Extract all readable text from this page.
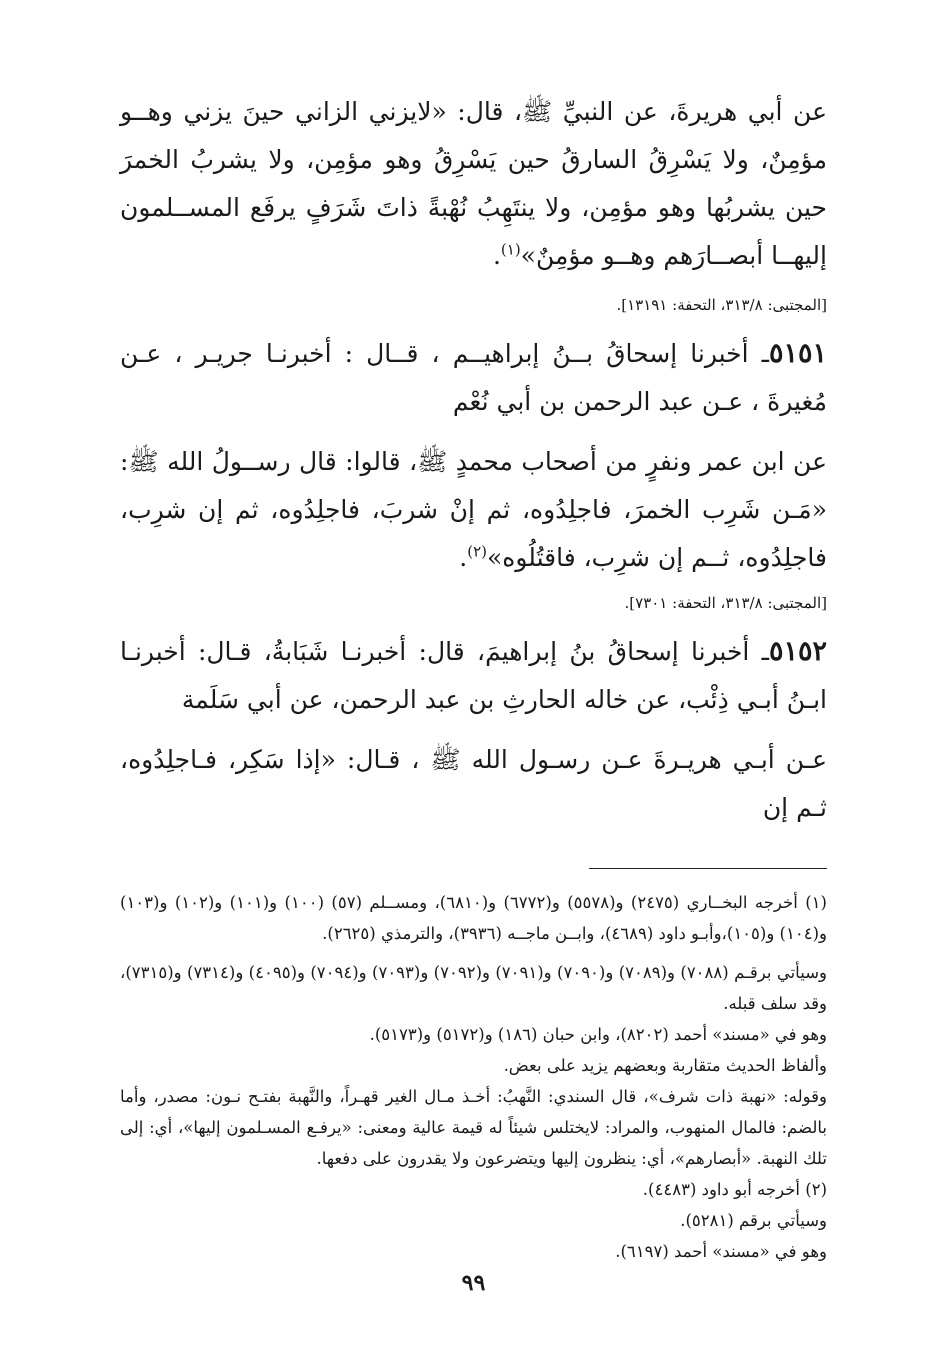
عن أبي هريرةَ، عن النبيِّ ﷺ، قال: «لايزني الزاني حينَ يزني وهــو مؤمِنٌ، ولا يَسْرِقُ السارقُ حين يَسْرِقُ وهو مؤمِن، ولا يشربُ الخمرَ حين يشربُها وهو مؤمِن، ولا ينتَهِبُ نُهْبةً ذاتَ شَرَفٍ يرفَع المســلمون إليهــا أبصــارَهم وهــو مؤمِنٌ»$^{(١)}$.

[المجتبى: ٣١٣/٨، التحفة: ١٣١٩١].

٥١٥١ـ أخبرنا إسحاقُ بــنُ إبراهيــم ، قــال : أخبرنـا جريـر ، عـن مُغيرةَ ، عـن عبد الرحمن بن أبي نُعْم

عن ابن عمر ونفرٍ من أصحاب محمدٍ ﷺ، قالوا: قال رســولُ الله ﷺ: «مَـن شَرِب الخمرَ، فاجلِدُوه، ثم إنْ شربَ، فاجلِدُوه، ثم إن شرِب، فاجلِدُوه، ثــم إن شرِب، فاقتُلُوه»$^{(٢)}$.

[المجتبى: ٣١٣/٨، التحفة: ٧٣٠١].

٥١٥٢ـ أخبرنا إسحاقُ بنُ إبراهيمَ، قال: أخبرنـا شَبَابةُ، قـال: أخبرنـا ابـنُ أبـي ذِئْب، عن خاله الحارثِ بن عبد الرحمن، عن أبي سَلَمة

عـن أبـي هريـرةَ عـن رسـول الله ﷺ ، قـال: «إذا سَكِر، فـاجلِدُوه، ثـم إن

(١) أخرجه البخــاري (٢٤٧٥) و(٥٥٧٨) و(٦٧٧٢) و(٦٨١٠)، ومســلم (٥٧) (١٠٠) و(١٠١) و(١٠٢) و(١٠٣) و(١٠٤) و(١٠٥)،وأبـو داود (٤٦٨٩)، وابــن ماجــه (٣٩٣٦)، والترمذي (٢٦٢٥).

وسيأتي برقـم (٧٠٨٨) و(٧٠٨٩) و(٧٠٩٠) و(٧٠٩١) و(٧٠٩٢) و(٧٠٩٣) و(٧٠٩٤) و(٤٠٩٥) و(٧٣١٤) و(٧٣١٥)، وقد سلف قبله.

وهو في «مسند» أحمد (٨٢٠٢)، وابن حبان (١٨٦) و(٥١٧٢) و(٥١٧٣).

وألفاظ الحديث متقاربة وبعضهم يزيد على بعض.

وقوله: «نهبة ذات شرف»، قال السندي: النَّهبُ: أخـذ مـال الغير قهـراً، والنَّهبة بفتـح نـون: مصدر، وأما بالضم: فالمال المنهوب، والمراد: لايختلس شيئاً له قيمة عالية ومعنى: «يرفـع المسـلمون إليها»، أي: إلى تلك النهبة. «أبصارهم»، أي: ينظرون إليها ويتضرعون ولا يقدرون على دفعها.

(٢) أخرجه أبو داود (٤٤٨٣).

وسيأتي برقم (٥٢٨١).

وهو في «مسند» أحمد (٦١٩٧).

٩٩
